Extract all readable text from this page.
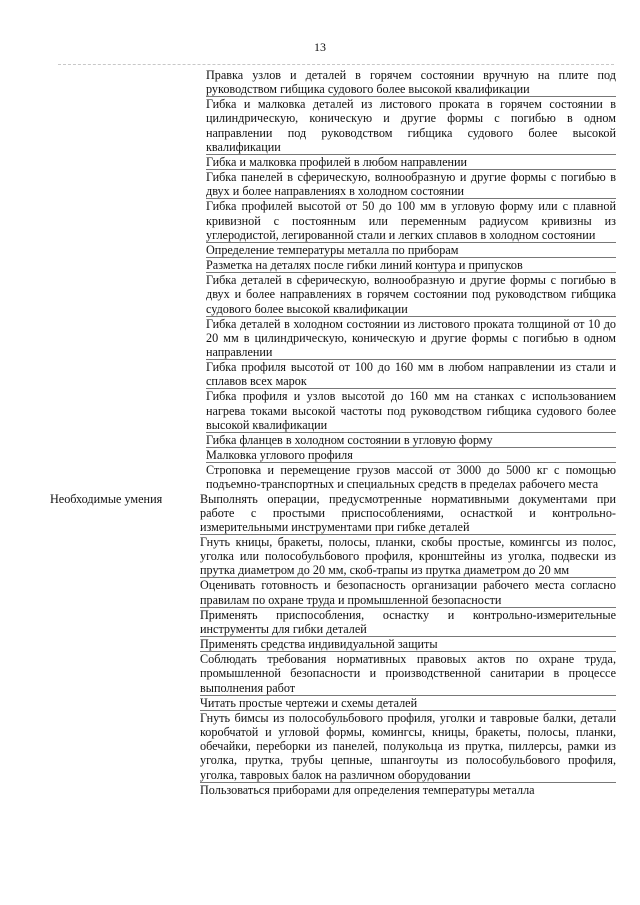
13
Правка узлов и деталей в горячем состоянии вручную на плите под руководством гибщика судового более высокой квалификации
Гибка и малковка деталей из листового проката в горячем состоянии в цилиндрическую, коническую и другие формы с погибью в одном направлении под руководством гибщика судового более высокой квалификации
Гибка и малковка профилей в любом направлении
Гибка панелей в сферическую, волнообразную и другие формы с погибью в двух и более направлениях в холодном состоянии
Гибка профилей высотой от 50 до 100 мм в угловую форму или с плавной кривизной с постоянным или переменным радиусом кривизны из углеродистой, легированной стали и легких сплавов в холодном состоянии
Определение температуры металла по приборам
Разметка на деталях после гибки линий контура и припусков
Гибка деталей в сферическую, волнообразную и другие формы с погибью в двух и более направлениях в горячем состоянии под руководством гибщика судового более высокой квалификации
Гибка деталей в холодном состоянии из листового проката толщиной от 10 до 20 мм в цилиндрическую, коническую и другие формы с погибью в одном направлении
Гибка профиля высотой от 100 до 160 мм в любом направлении из стали и сплавов всех марок
Гибка профиля и узлов высотой до 160 мм на станках с использованием нагрева токами высокой частоты под руководством гибщика судового более высокой квалификации
Гибка фланцев в холодном состоянии в угловую форму
Малковка углового профиля
Строповка и перемещение грузов массой от 3000 до 5000 кг с помощью подъемно-транспортных и специальных средств в пределах рабочего места
Необходимые умения	Выполнять операции, предусмотренные нормативными документами при работе с простыми приспособлениями, оснасткой и контрольно-измерительными инструментами при гибке деталей
Гнуть кницы, бракеты, полосы, планки, скобы простые, комингсы из полос, уголка или полособульбового профиля, кронштейны из уголка, подвески из прутка диаметром до 20 мм, скоб-трапы из прутка диаметром до 20 мм
Оценивать готовность и безопасность организации рабочего места согласно правилам по охране труда и промышленной безопасности
Применять приспособления, оснастку и контрольно-измерительные инструменты для гибки деталей
Применять средства индивидуальной защиты
Соблюдать требования нормативных правовых актов по охране труда, промышленной безопасности и производственной санитарии в процессе выполнения работ
Читать простые чертежи и схемы деталей
Гнуть бимсы из полособульбового профиля, уголки и тавровые балки, детали коробчатой и угловой формы, комингсы, кницы, бракеты, полосы, планки, обечайки, переборки из панелей, полукольца из прутка, пиллерсы, рамки из уголка, прутка, трубы цепные, шпангоуты из полособульбового профиля, уголка, тавровых балок на различном оборудовании
Пользоваться приборами для определения температуры металла
